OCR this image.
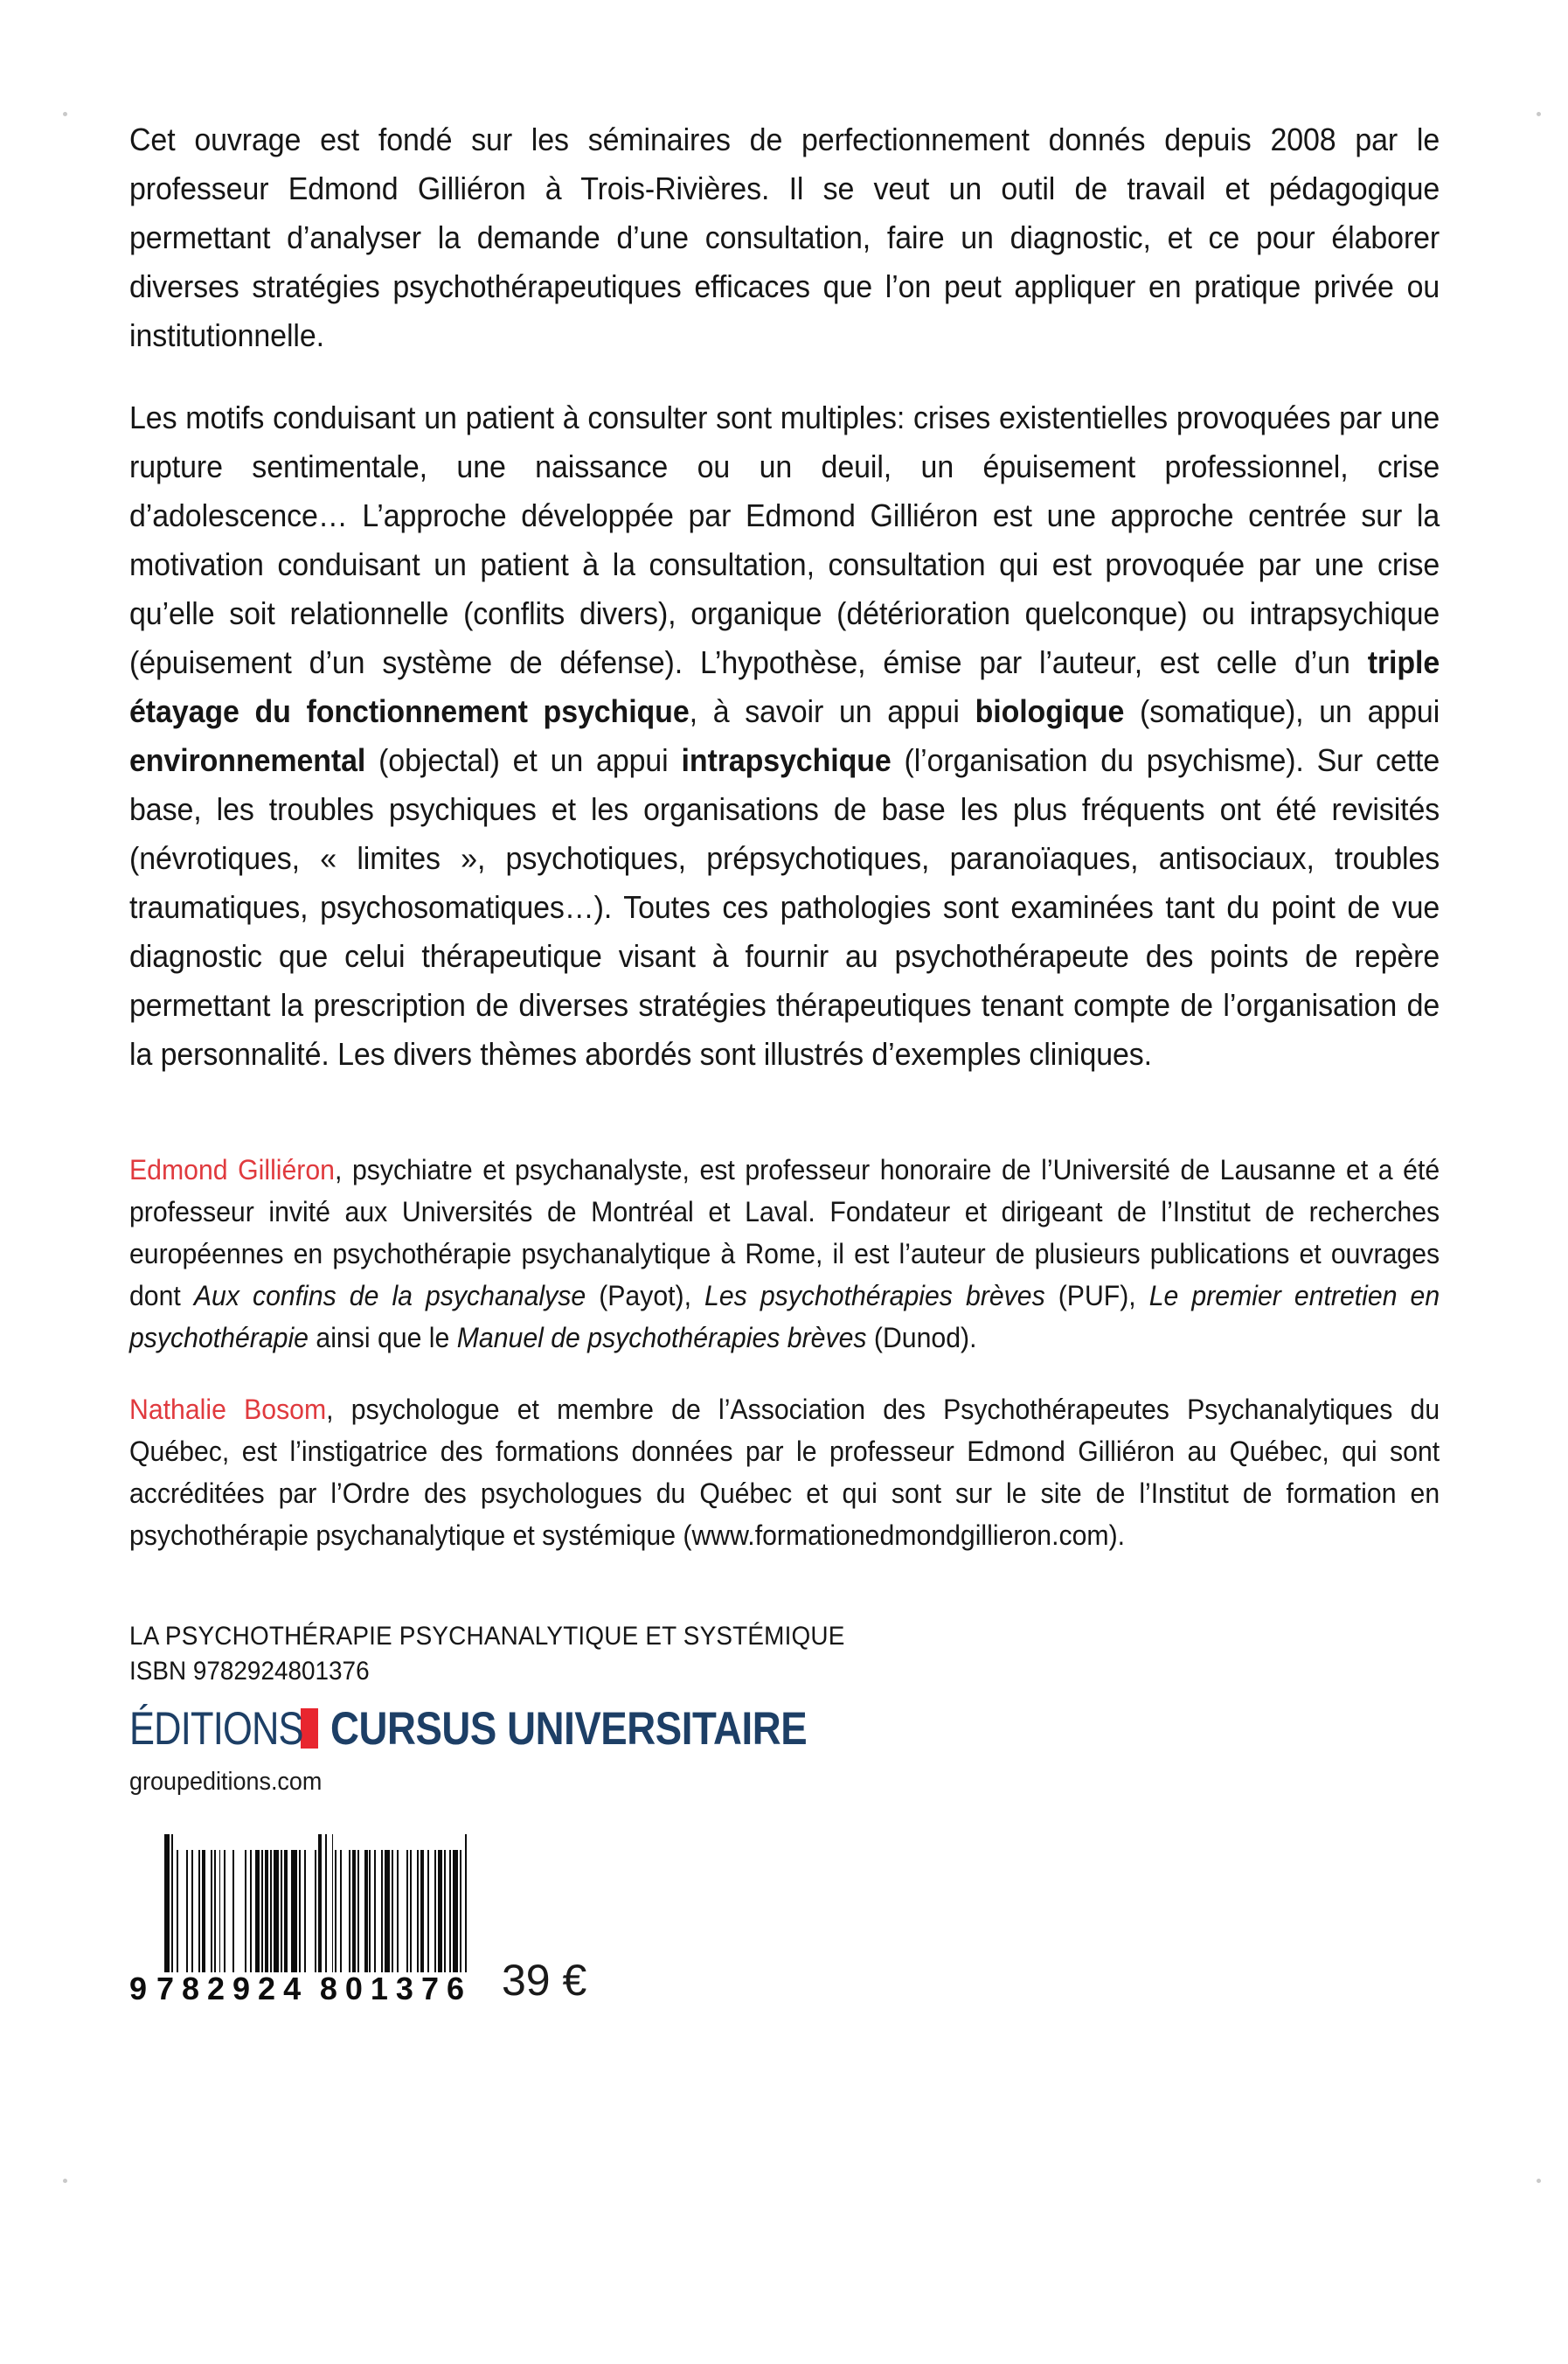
Cet ouvrage est fondé sur les séminaires de perfectionnement donnés depuis 2008 par le professeur Edmond Gilliéron à Trois-Rivières. Il se veut un outil de travail et pédagogique permettant d’analyser la demande d’une consultation, faire un diagnostic, et ce pour élaborer diverses stratégies psychothérapeutiques efficaces que l’on peut appliquer en pratique privée ou institutionnelle.

Les motifs conduisant un patient à consulter sont multiples: crises existentielles provoquées par une rupture sentimentale, une naissance ou un deuil, un épuisement professionnel, crise d’adolescence… L’approche développée par Edmond Gilliéron est une approche centrée sur la motivation conduisant un patient à la consultation, consultation qui est provoquée par une crise qu’elle soit relationnelle (conflits divers), organique (détérioration quelconque) ou intrapsychique (épuisement d’un système de défense). L’hypothèse, émise par l’auteur, est celle d’un triple étayage du fonctionnement psychique, à savoir un appui biologique (somatique), un appui environnemental (objectal) et un appui intrapsychique (l’organisation du psychisme). Sur cette base, les troubles psychiques et les organisations de base les plus fréquents ont été revisités (névrotiques, « limites », psychotiques, prépsychotiques, paranoïaques, antisociaux, troubles traumatiques, psychosomatiques…). Toutes ces pathologies sont examinées tant du point de vue diagnostic que celui thérapeutique visant à fournir au psychothérapeute des points de repère permettant la prescription de diverses stratégies thérapeutiques tenant compte de l’organisation de la personnalité. Les divers thèmes abordés sont illustrés d’exemples cliniques.

Edmond Gilliéron, psychiatre et psychanalyste, est professeur honoraire de l’Université de Lausanne et a été professeur invité aux Universités de Montréal et Laval. Fondateur et dirigeant de l’Institut de recherches européennes en psychothérapie psychanalytique à Rome, il est l’auteur de plusieurs publications et ouvrages dont Aux confins de la psychanalyse (Payot), Les psychothérapies brèves (PUF), Le premier entretien en psychothérapie ainsi que le Manuel de psychothérapies brèves (Dunod).

Nathalie Bosom, psychologue et membre de l’Association des Psychothérapeutes Psychanalytiques du Québec, est l’instigatrice des formations données par le professeur Edmond Gilliéron au Québec, qui sont accréditées par l’Ordre des psychologues du Québec et qui sont sur le site de l’Institut de formation en psychothérapie psychanalytique et systémique (www.formationedmondgillieron.com).

LA PSYCHOTHÉRAPIE PSYCHANALYTIQUE ET SYSTÉMIQUE
ISBN 9782924801376
ÉDITIONS CURSUS UNIVERSITAIRE
groupeditions.com
9 782924 801376 39 €
